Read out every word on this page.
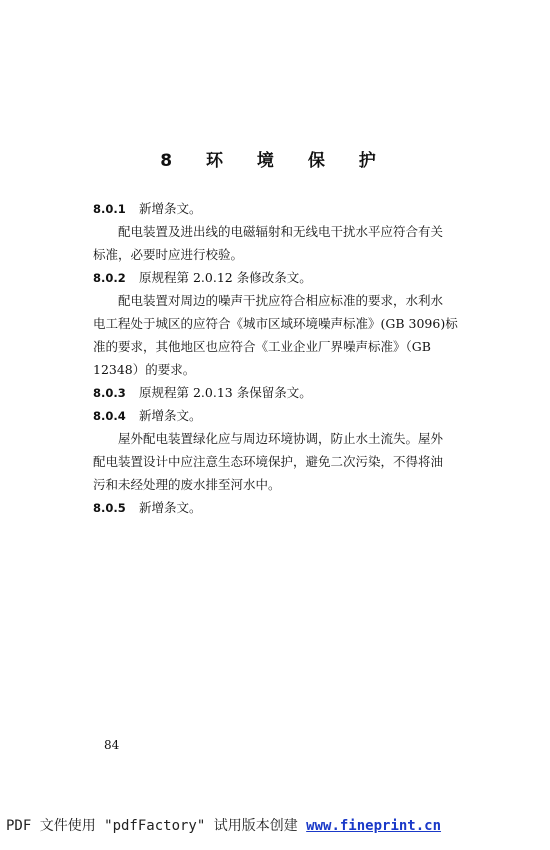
8 环 境 保 护
8.0.1 新增条文。
配电装置及进出线的电磁辐射和无线电干扰水平应符合有关
标准，必要时应进行校验。
8.0.2 原规程第 2.0.12 条修改条文。
配电装置对周边的噪声干扰应符合相应标准的要求，水利水
电工程处于城区的应符合《城市区域环境噪声标准》(GB 3096)标
准的要求，其他地区也应符合《工业企业厂界噪声标准》（GB
12348）的要求。
8.0.3 原规程第 2.0.13 条保留条文。
8.0.4 新增条文。
屋外配电装置绿化应与周边环境协调，防止水土流失。屋外
配电装置设计中应注意生态环境保护，避免二次污染，不得将油
污和未经处理的废水排至河水中。
8.0.5 新增条文。
84
PDF 文件使用 "pdfFactory" 试用版本创建 www.fineprint.cn
